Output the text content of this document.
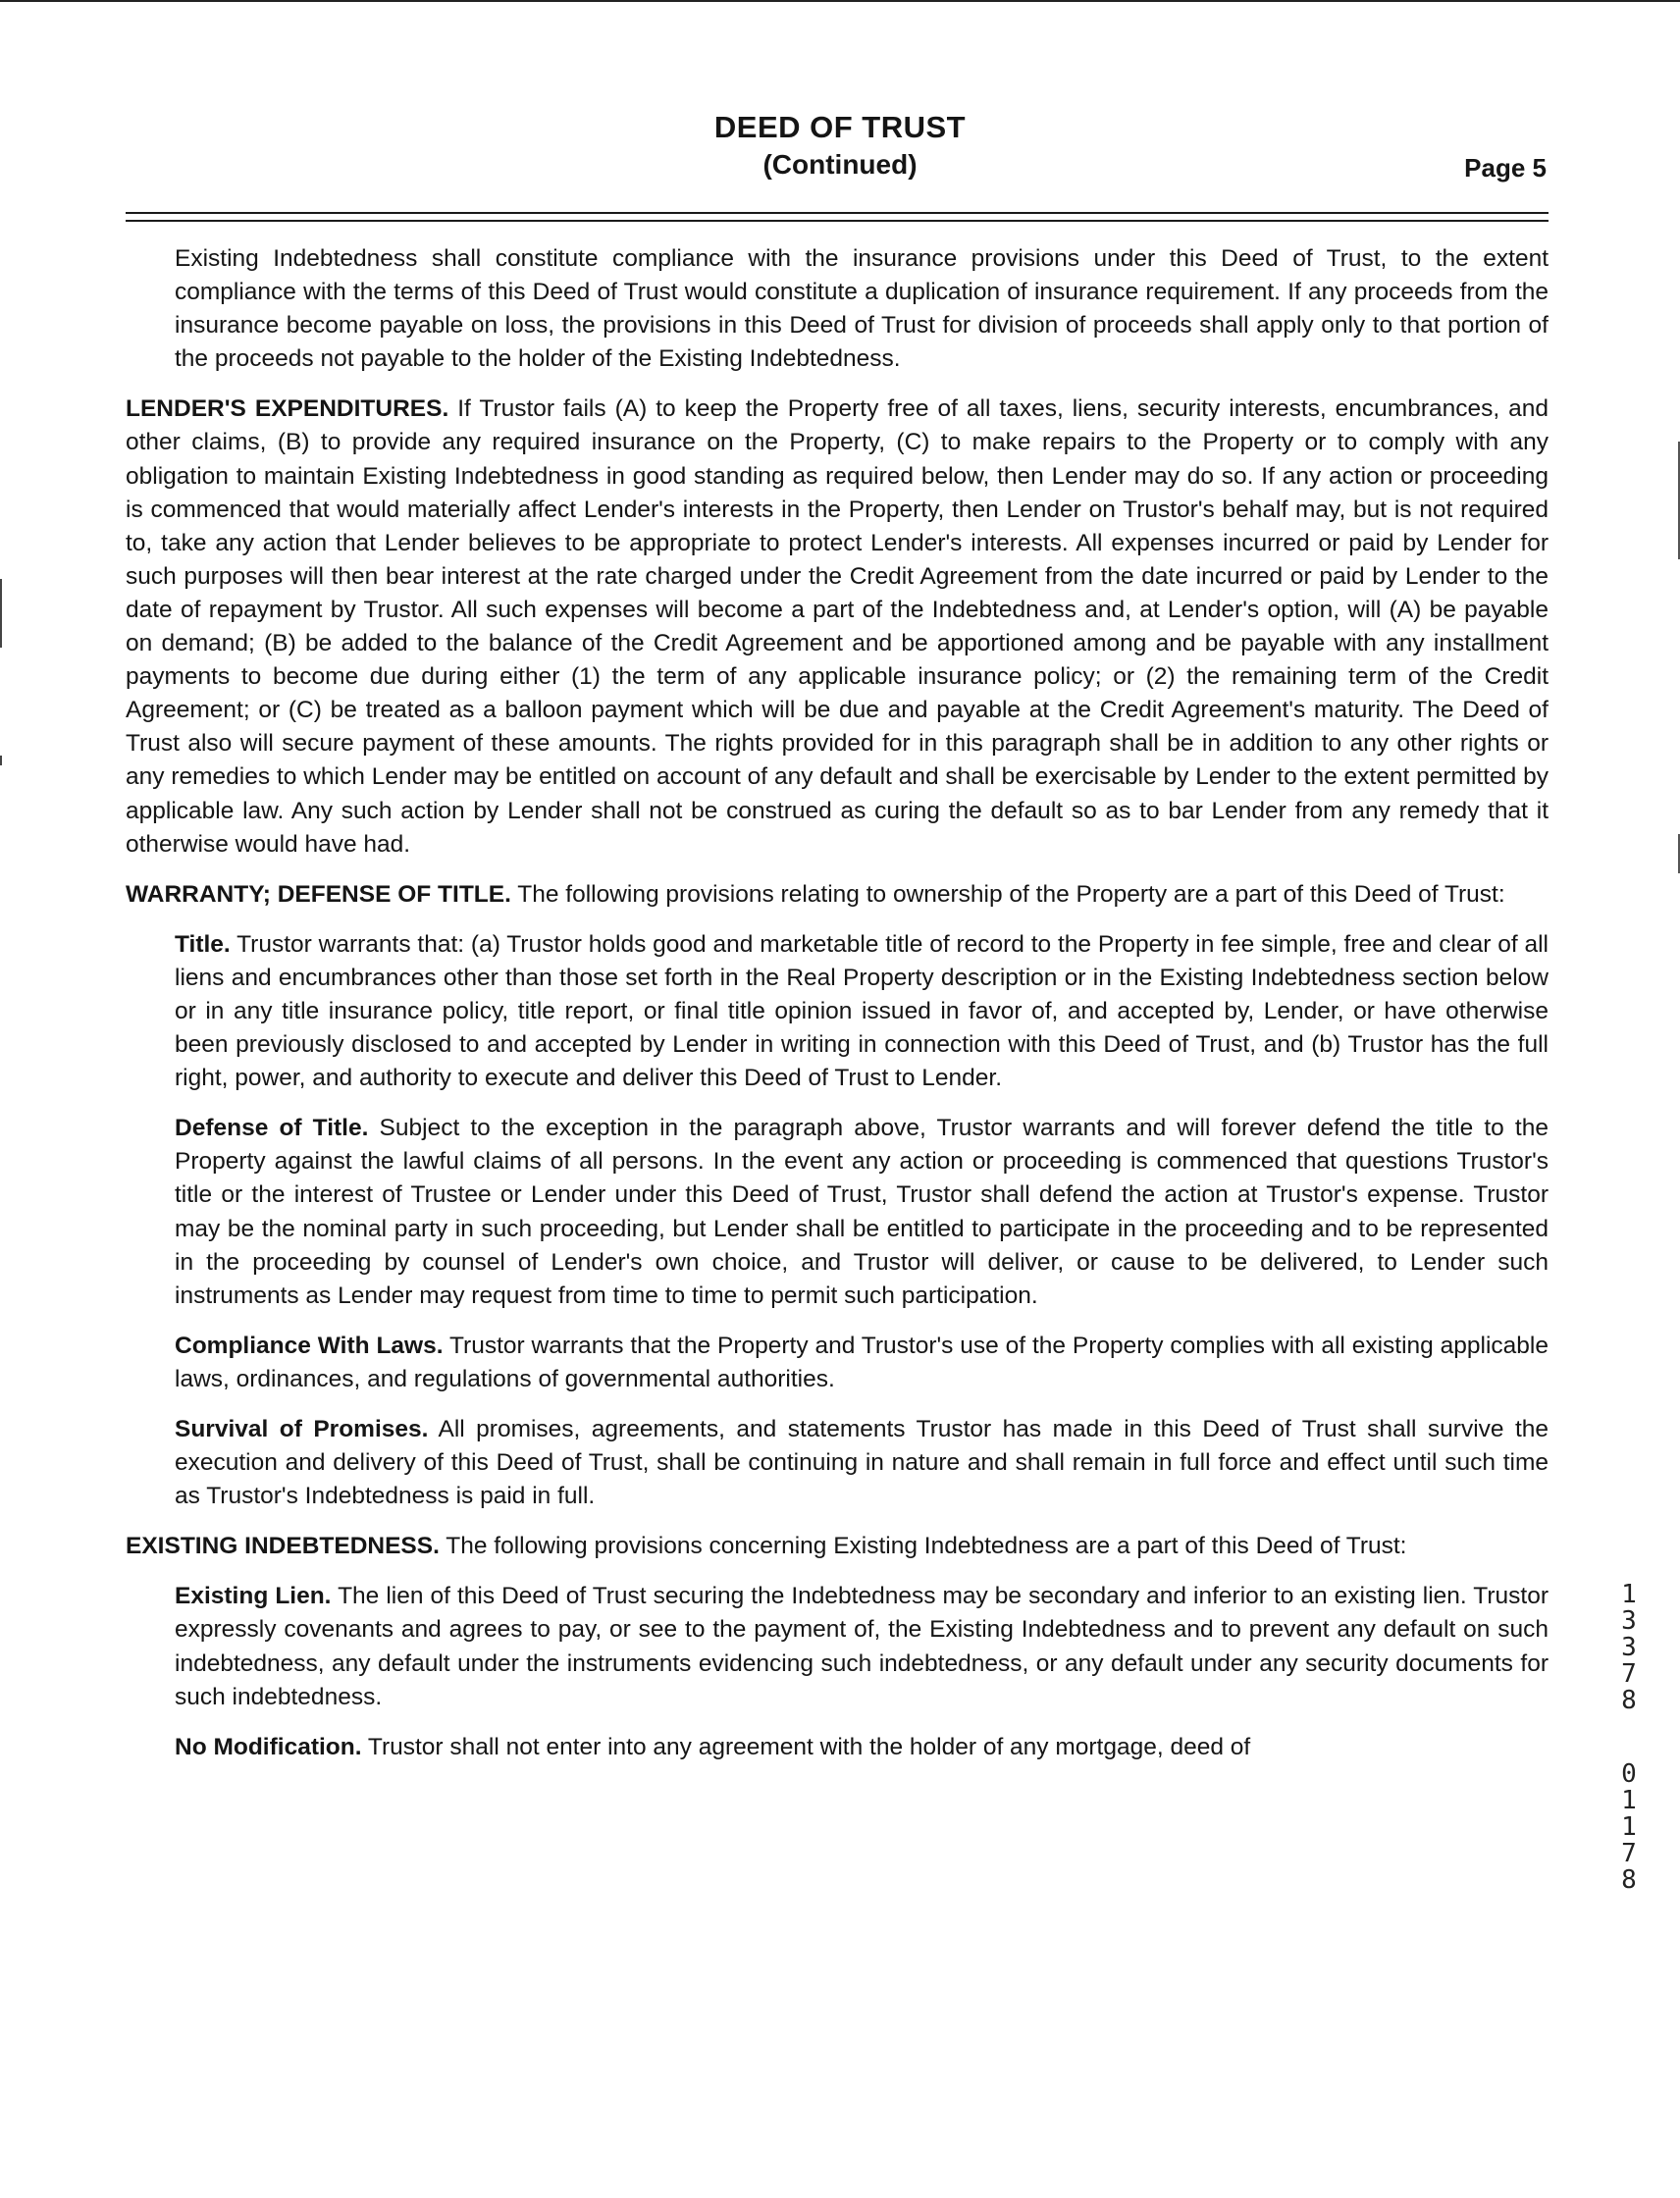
DEED OF TRUST
(Continued)	Page 5

Existing Indebtedness shall constitute compliance with the insurance provisions under this Deed of Trust, to the extent compliance with the terms of this Deed of Trust would constitute a duplication of insurance requirement. If any proceeds from the insurance become payable on loss, the provisions in this Deed of Trust for division of proceeds shall apply only to that portion of the proceeds not payable to the holder of the Existing Indebtedness.

LENDER'S EXPENDITURES. If Trustor fails (A) to keep the Property free of all taxes, liens, security interests, encumbrances, and other claims, (B) to provide any required insurance on the Property, (C) to make repairs to the Property or to comply with any obligation to maintain Existing Indebtedness in good standing as required below, then Lender may do so. If any action or proceeding is commenced that would materially affect Lender's interests in the Property, then Lender on Trustor's behalf may, but is not required to, take any action that Lender believes to be appropriate to protect Lender's interests. All expenses incurred or paid by Lender for such purposes will then bear interest at the rate charged under the Credit Agreement from the date incurred or paid by Lender to the date of repayment by Trustor. All such expenses will become a part of the Indebtedness and, at Lender's option, will (A) be payable on demand; (B) be added to the balance of the Credit Agreement and be apportioned among and be payable with any installment payments to become due during either (1) the term of any applicable insurance policy; or (2) the remaining term of the Credit Agreement; or (C) be treated as a balloon payment which will be due and payable at the Credit Agreement's maturity. The Deed of Trust also will secure payment of these amounts. The rights provided for in this paragraph shall be in addition to any other rights or any remedies to which Lender may be entitled on account of any default and shall be exercisable by Lender to the extent permitted by applicable law. Any such action by Lender shall not be construed as curing the default so as to bar Lender from any remedy that it otherwise would have had.

WARRANTY; DEFENSE OF TITLE. The following provisions relating to ownership of the Property are a part of this Deed of Trust:

Title. Trustor warrants that: (a) Trustor holds good and marketable title of record to the Property in fee simple, free and clear of all liens and encumbrances other than those set forth in the Real Property description or in the Existing Indebtedness section below or in any title insurance policy, title report, or final title opinion issued in favor of, and accepted by, Lender, or have otherwise been previously disclosed to and accepted by Lender in writing in connection with this Deed of Trust, and (b) Trustor has the full right, power, and authority to execute and deliver this Deed of Trust to Lender.

Defense of Title. Subject to the exception in the paragraph above, Trustor warrants and will forever defend the title to the Property against the lawful claims of all persons. In the event any action or proceeding is commenced that questions Trustor's title or the interest of Trustee or Lender under this Deed of Trust, Trustor shall defend the action at Trustor's expense. Trustor may be the nominal party in such proceeding, but Lender shall be entitled to participate in the proceeding and to be represented in the proceeding by counsel of Lender's own choice, and Trustor will deliver, or cause to be delivered, to Lender such instruments as Lender may request from time to time to permit such participation.

Compliance With Laws. Trustor warrants that the Property and Trustor's use of the Property complies with all existing applicable laws, ordinances, and regulations of governmental authorities.

Survival of Promises. All promises, agreements, and statements Trustor has made in this Deed of Trust shall survive the execution and delivery of this Deed of Trust, shall be continuing in nature and shall remain in full force and effect until such time as Trustor's Indebtedness is paid in full.

EXISTING INDEBTEDNESS. The following provisions concerning Existing Indebtedness are a part of this Deed of Trust:

Existing Lien. The lien of this Deed of Trust securing the Indebtedness may be secondary and inferior to an existing lien. Trustor expressly covenants and agrees to pay, or see to the payment of, the Existing Indebtedness and to prevent any default on such indebtedness, any default under the instruments evidencing such indebtedness, or any default under any security documents for such indebtedness.

No Modification. Trustor shall not enter into any agreement with the holder of any mortgage, deed of

1
3
3
7
8
0
1
1
7
8
